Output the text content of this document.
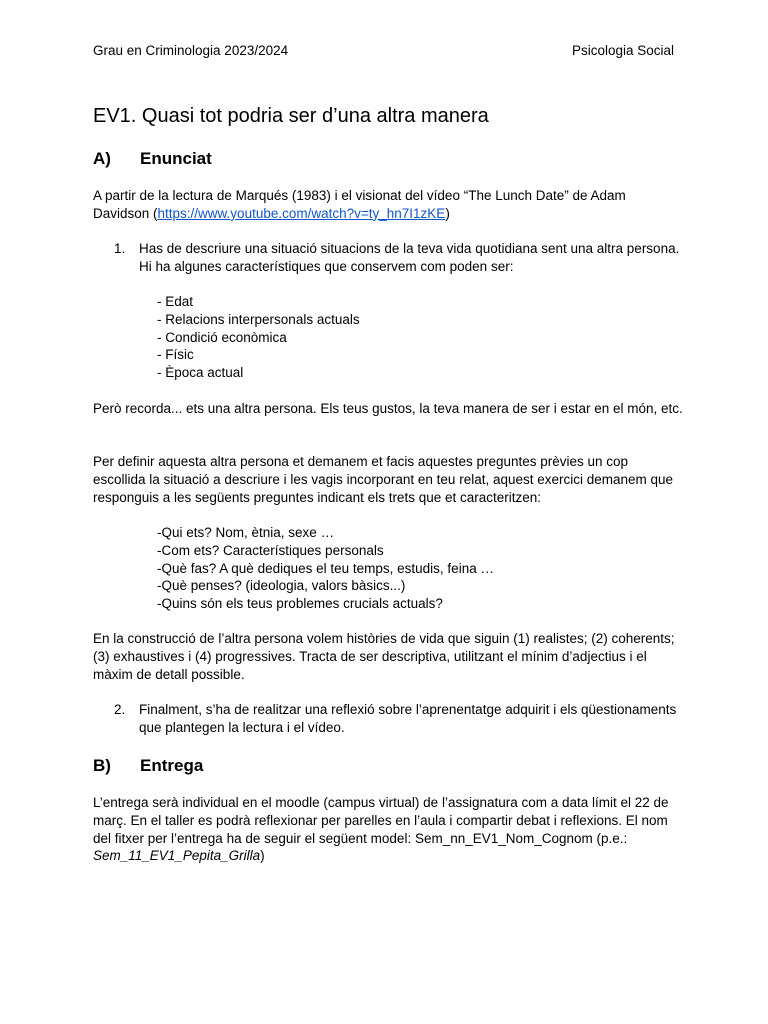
Grau en Criminologia 2023/2024	Psicologia Social
EV1. Quasi tot podria ser d’una altra manera
A) Enunciat

A partir de la lectura de Marqués (1983) i el visionat del vídeo “The Lunch Date” de Adam Davidson (https://www.youtube.com/watch?v=ty_hn7I1zKE)

1. Has de descriure una situació situacions de la teva vida quotidiana sent una altra persona. Hi ha algunes característiques que conservem com poden ser:
- Edat
- Relacions interpersonals actuals
- Condició econòmica
- Físic
- Època actual

Però recorda... ets una altra persona. Els teus gustos, la teva manera de ser i estar en el món, etc.

Per definir aquesta altra persona et demanem et facis aquestes preguntes prèvies un cop escollida la situació a descriure i les vagis incorporant en teu relat, aquest exercici demanem que responguis a les següents preguntes indicant els trets que et caracteritzen:

-Qui ets? Nom, ètnia, sexe …
-Com ets? Característiques personals
-Què fas? A què dediques el teu temps, estudis, feina …
-Què penses? (ideologia, valors bàsics...)
-Quins són els teus problemes crucials actuals?

En la construcció de l’altra persona volem històries de vida que siguin (1) realistes; (2) coherents; (3) exhaustives i (4) progressives. Tracta de ser descriptiva, utilitzant el mínim d’adjectius i el màxim de detall possible.

2. Finalment, s’ha de realitzar una reflexió sobre l’aprenentatge adquirit i els qüestionaments que plantegen la lectura i el vídeo.
B) Entrega

L’entrega serà individual en el moodle (campus virtual) de l’assignatura com a data límit el 22 de març. En el taller es podrà reflexionar per parelles en l’aula i compartir debat i reflexions. El nom del fitxer per l’entrega ha de seguir el següent model: Sem_nn_EV1_Nom_Cognom (p.e.: Sem_11_EV1_Pepita_Grilla)
